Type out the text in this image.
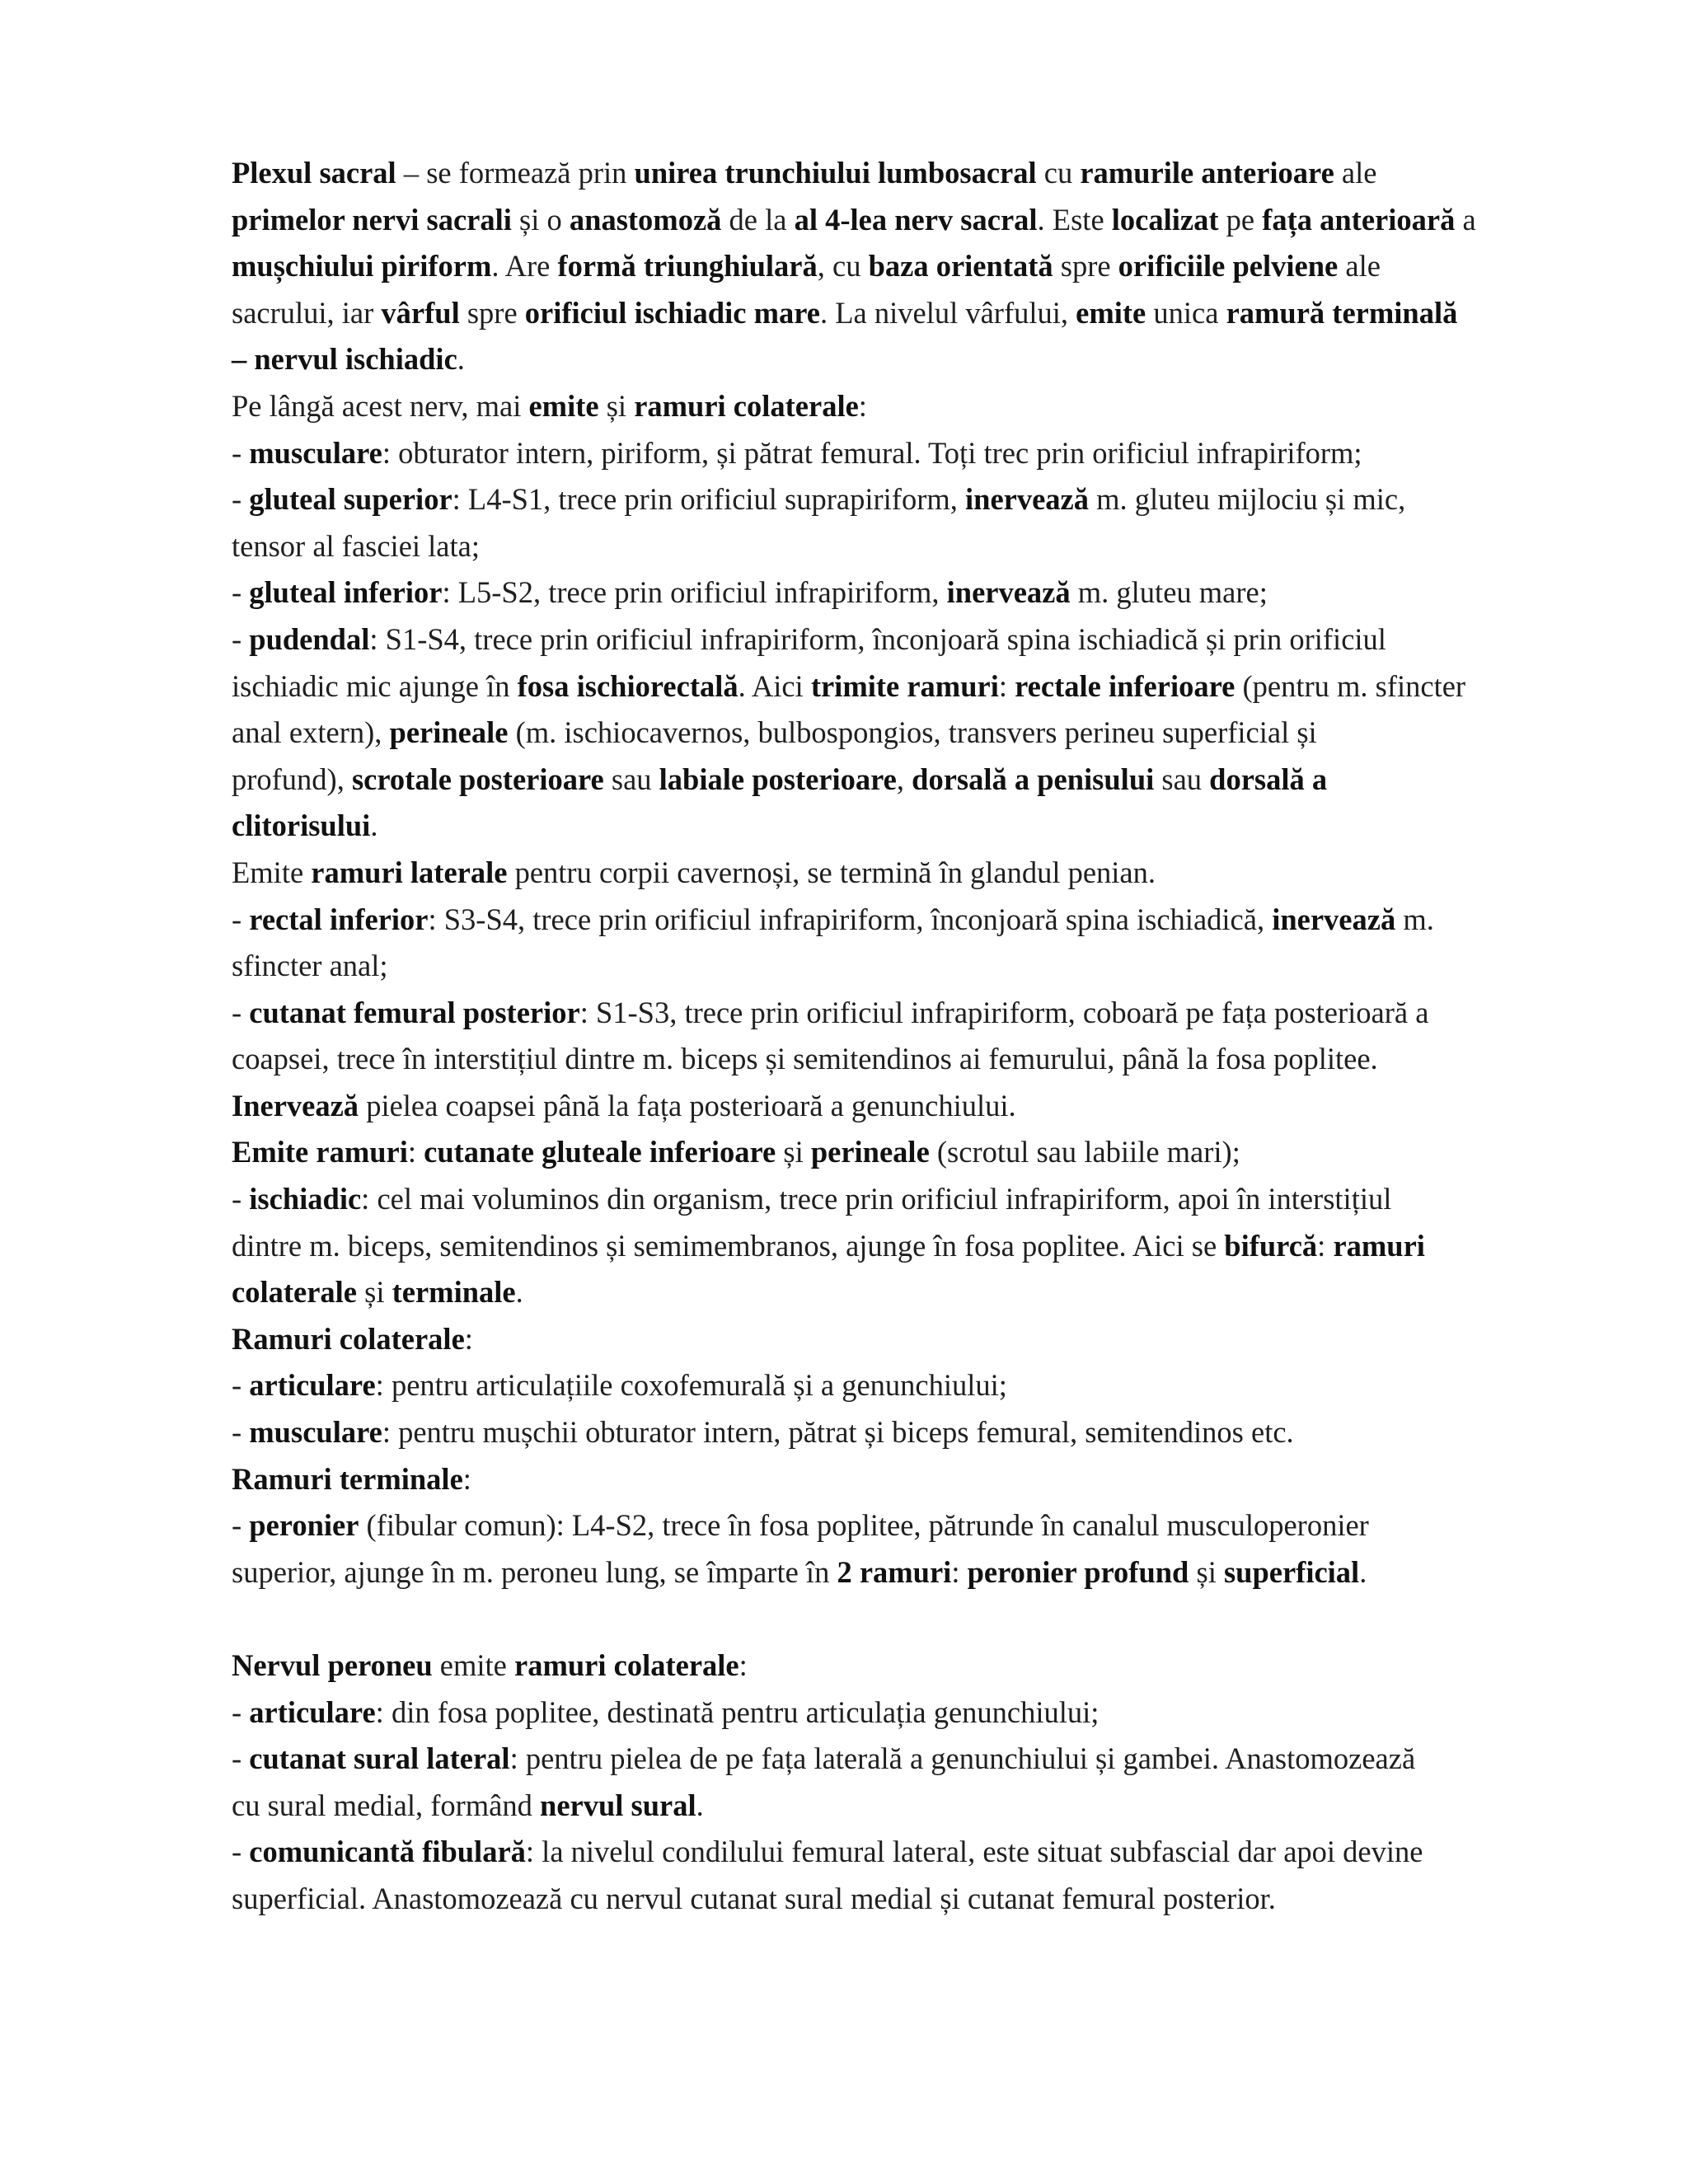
Plexul sacral – se formează prin unirea trunchiului lumbosacral cu ramurile anterioare ale
primelor nervi sacrali și o anastomoză de la al 4-lea nerv sacral. Este localizat pe fața anterioară a
mușchiului piriform. Are formă triunghiulară, cu baza orientată spre orificiile pelviene ale
sacrului, iar vârful spre orificiul ischiadic mare. La nivelul vârfului, emite unica ramură terminală
– nervul ischiadic.
Pe lângă acest nerv, mai emite și ramuri colaterale:
- musculare: obturator intern, piriform, și pătrat femural. Toți trec prin orificiul infrapiriform;
- gluteal superior: L4-S1, trece prin orificiul suprapiriform, inervează m. gluteu mijlociu și mic,
tensor al fasciei lata;
- gluteal inferior: L5-S2, trece prin orificiul infrapiriform, inervează m. gluteu mare;
- pudendal: S1-S4, trece prin orificiul infrapiriform, înconjoară spina ischiadică și prin orificiul
ischiadic mic ajunge în fosa ischiorectală. Aici trimite ramuri: rectale inferioare (pentru m. sfincter
anal extern), perineale (m. ischiocavernos, bulbospongios, transvers perineu superficial și
profund), scrotale posterioare sau labiale posterioare, dorsală a penisului sau dorsală a
clitorisului.
Emite ramuri laterale pentru corpii cavernoși, se termină în glandul penian.
- rectal inferior: S3-S4, trece prin orificiul infrapiriform, înconjoară spina ischiadică, inervează m.
sfincter anal;
- cutanat femural posterior: S1-S3, trece prin orificiul infrapiriform, coboară pe fața posterioară a
coapsei, trece în interstițiul dintre m. biceps și semitendinos ai femurului, până la fosa poplitee.
Inervează pielea coapsei până la fața posterioară a genunchiului.
Emite ramuri: cutanate gluteale inferioare și perineale (scrotul sau labiile mari);
- ischiadic: cel mai voluminos din organism, trece prin orificiul infrapiriform, apoi în interstițiul
dintre m. biceps, semitendinos și semimembranos, ajunge în fosa poplitee. Aici se bifurcă: ramuri
colaterale și terminale.
Ramuri colaterale:
- articulare: pentru articulațiile coxofemurală și a genunchiului;
- musculare: pentru mușchii obturator intern, pătrat și biceps femural, semitendinos etc.
Ramuri terminale:
- peronier (fibular comun): L4-S2, trece în fosa poplitee, pătrunde în canalul musculoperonier
superior, ajunge în m. peroneu lung, se împarte în 2 ramuri: peronier profund și superficial.
Nervul peroneu emite ramuri colaterale:
- articulare: din fosa poplitee, destinată pentru articulația genunchiului;
- cutanat sural lateral: pentru pielea de pe fața laterală a genunchiului și gambei. Anastomozează
cu sural medial, formând nervul sural.
- comunicantă fibulară: la nivelul condilului femural lateral, este situat subfascial dar apoi devine
superficial. Anastomozează cu nervul cutanat sural medial și cutanat femural posterior.
